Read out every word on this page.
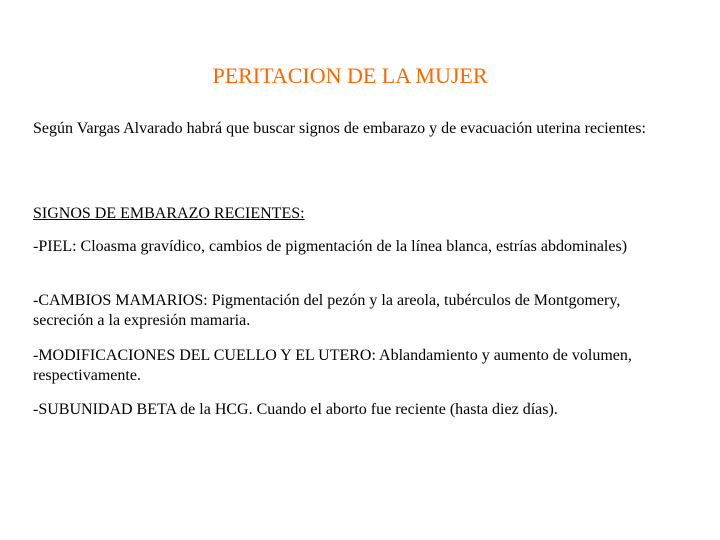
PERITACION DE LA MUJER

Según Vargas Alvarado habrá que buscar signos de embarazo y de evacuación uterina recientes:

SIGNOS DE EMBARAZO RECIENTES:

-PIEL: Cloasma gravídico, cambios de pigmentación de la línea blanca, estrías abdominales)

-CAMBIOS MAMARIOS: Pigmentación del pezón y la areola, tubérculos de Montgomery, secreción a la expresión mamaria.

-MODIFICACIONES DEL CUELLO Y EL UTERO: Ablandamiento y aumento de volumen, respectivamente.

-SUBUNIDAD BETA de la HCG. Cuando el aborto fue reciente (hasta diez días).
